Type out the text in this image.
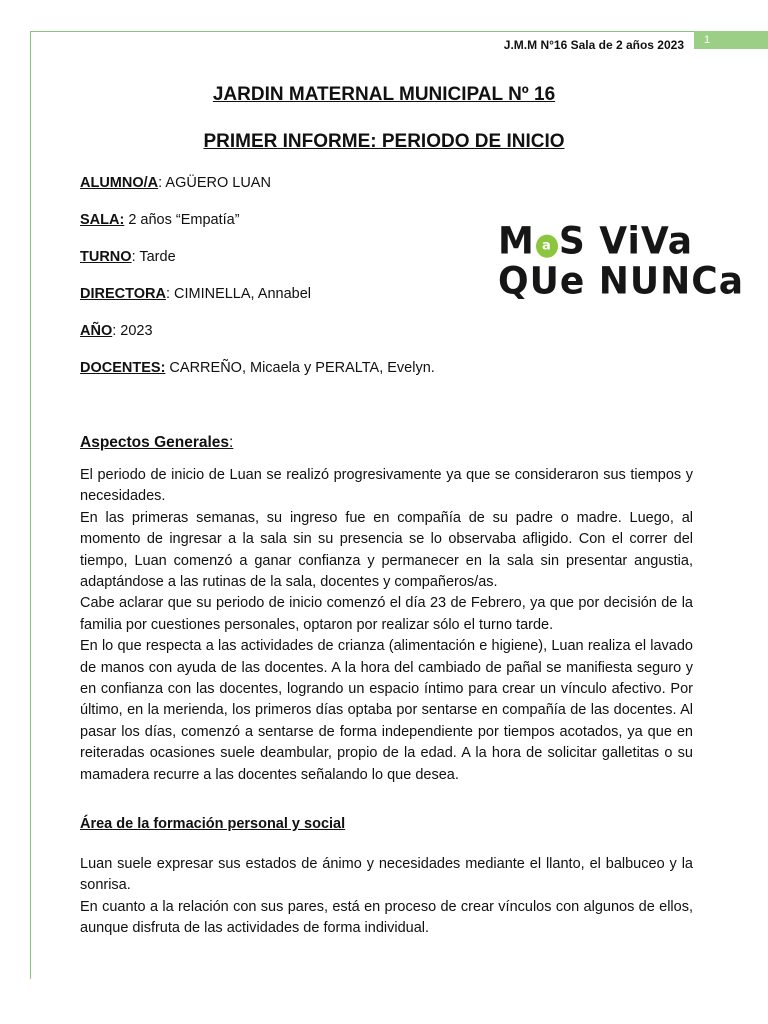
1
J.M.M N°16 Sala de 2 años 2023
JARDIN MATERNAL MUNICIPAL Nº 16
PRIMER INFORME: PERIODO DE INICIO
ALUMNO/A: AGÜERO LUAN
SALA: 2 años “Empatía”
TURNO: Tarde
DIRECTORA: CIMINELLA, Annabel
AÑO: 2023
DOCENTES: CARREÑO, Micaela y PERALTA, Evelyn.
M a S ViVa
QUe NUNCa
Aspectos Generales:

El periodo de inicio de Luan se realizó progresivamente ya que se consideraron sus tiempos y necesidades.

En las primeras semanas, su ingreso fue en compañía de su padre o madre. Luego, al momento de ingresar a la sala sin su presencia se lo observaba afligido. Con el correr del tiempo, Luan comenzó a ganar confianza y permanecer en la sala sin presentar angustia, adaptándose a las rutinas de la sala, docentes y compañeros/as.

Cabe aclarar que su periodo de inicio comenzó el día 23 de Febrero, ya que por decisión de la familia por cuestiones personales, optaron por realizar sólo el turno tarde.

En lo que respecta a las actividades de crianza (alimentación e higiene), Luan realiza el lavado de manos con ayuda de las docentes. A la hora del cambiado de pañal se manifiesta seguro y en confianza con las docentes, logrando un espacio íntimo para crear un vínculo afectivo. Por último, en la merienda, los primeros días optaba por sentarse en compañía de las docentes. Al pasar los días, comenzó a sentarse de forma independiente por tiempos acotados, ya que en reiteradas ocasiones suele deambular, propio de la edad. A la hora de solicitar galletitas o su mamadera recurre a las docentes señalando lo que desea.

Área de la formación personal y social

Luan suele expresar sus estados de ánimo y necesidades mediante el llanto, el balbuceo y la sonrisa.

En cuanto a la relación con sus pares, está en proceso de crear vínculos con algunos de ellos, aunque disfruta de las actividades de forma individual.
